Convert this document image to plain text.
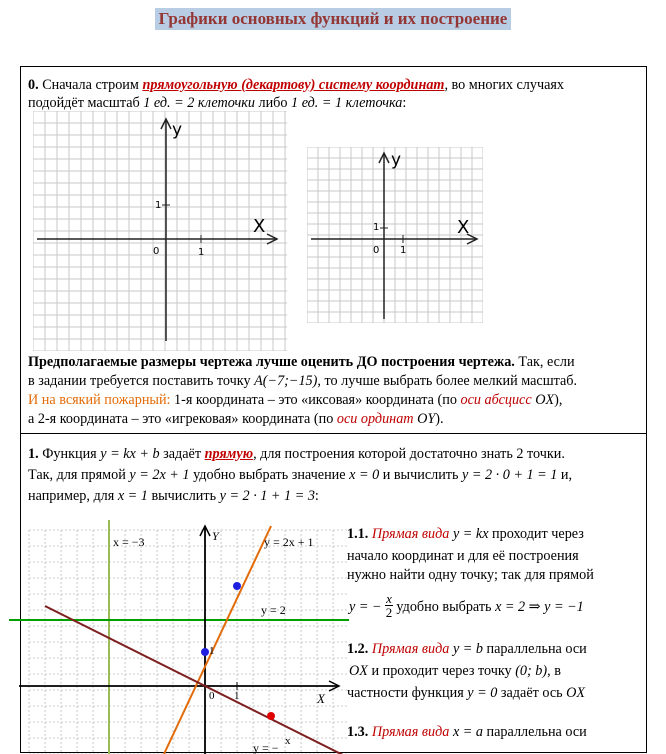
Графики основных функций и их построение
0. Сначала строим прямоугольную (декартову) систему координат, во многих случаях
подойдёт масштаб 1 ед. = 2 клеточки либо 1 ед. = 1 клеточка:
y
X
0	1
1
y
X
0 1
1
Предполагаемые размеры чертежа лучше оценить ДО построения чертежа. Так, если
в задании требуется поставить точку A(−7;−15), то лучше выбрать более мелкий масштаб.
И на всякий пожарный: 1-я координата – это «иксовая» координата (по оси абсцисс OX),
а 2-я координата – это «игрековая» координата (по оси ординат OY).
1. Функция y = kx + b задаёт прямую, для построения которой достаточно знать 2 точки.
Так, для прямой y = 2x + 1 удобно выбрать значение x = 0 и вычислить y = 2 · 0 + 1 = 1 и,
например, для x = 1 вычислить y = 2 · 1 + 1 = 3:
x = −3	Y	y = 2x + 1
y = 2
1
0 1	X
y = − x
1.1. Прямая вида y = kx проходит через
начало координат и для её построения
нужно найти одну точку; так для прямой
y = − $\frac{x}{2}$ удобно выбрать x = 2 ⇒ y = −1
1.2. Прямая вида y = b параллельна оси
OX и проходит через точку (0; b), в
частности функция y = 0 задаёт ось OX
1.3. Прямая вида x = a параллельна оси
